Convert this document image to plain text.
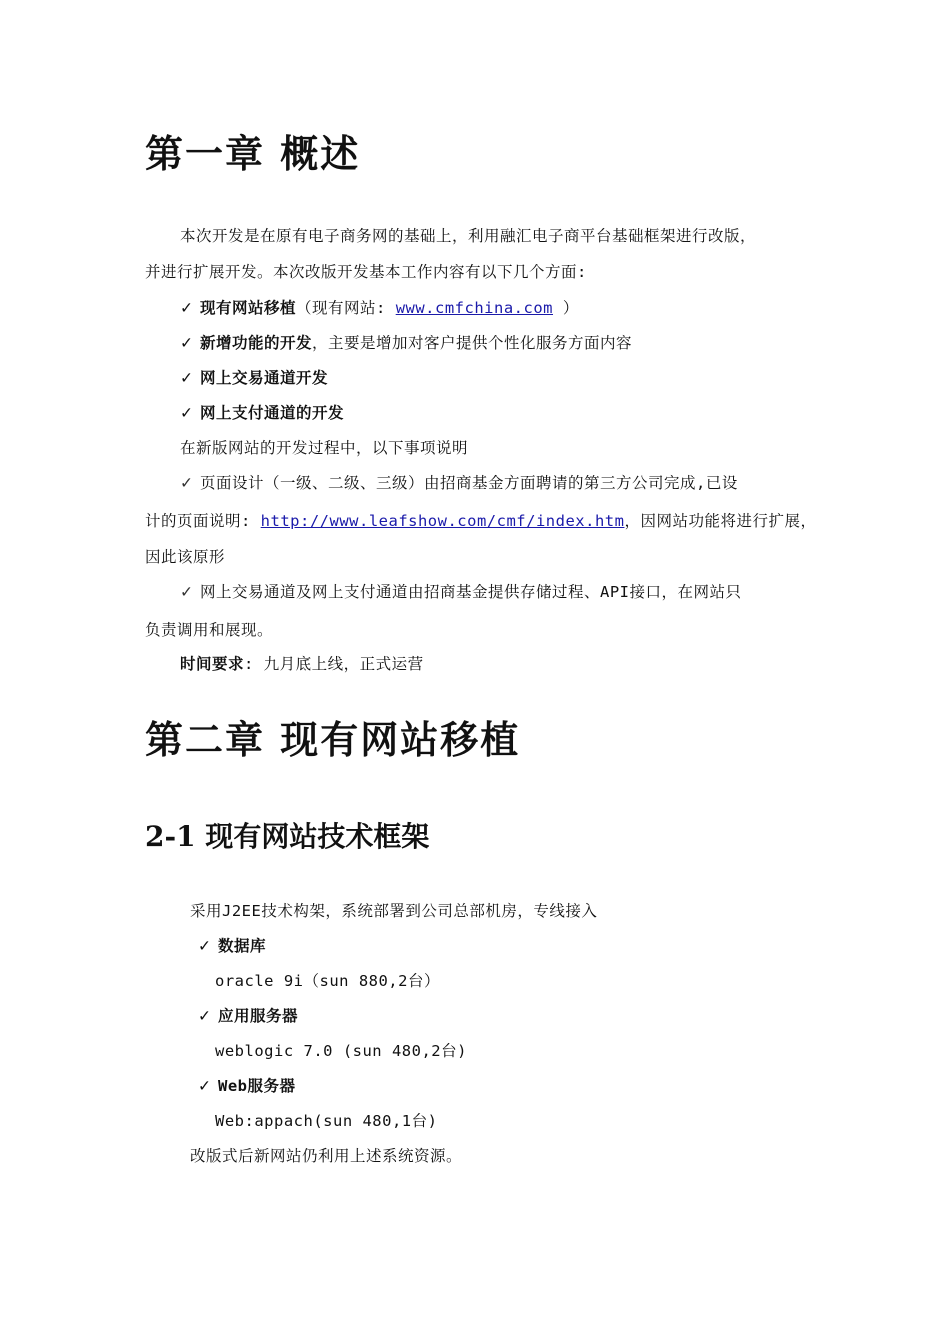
第一章 概述
本次开发是在原有电子商务网的基础上，利用融汇电子商平台基础框架进行改版，
并进行扩展开发。本次改版开发基本工作内容有以下几个方面:
✓ 现有网站移植（现有网站: www.cmfchina.com ）
✓ 新增功能的开发，主要是增加对客户提供个性化服务方面内容
✓ 网上交易通道开发
✓ 网上支付通道的开发
在新版网站的开发过程中，以下事项说明
✓ 页面设计（一级、二级、三级）由招商基金方面聘请的第三方公司完成,已设
计的页面说明: http://www.leafshow.com/cmf/index.htm，因网站功能将进行扩展，
因此该原形
✓ 网上交易通道及网上支付通道由招商基金提供存储过程、API接口，在网站只
负责调用和展现。
时间要求: 九月底上线，正式运营
第二章 现有网站移植
2-1 现有网站技术框架
采用J2EE技术构架，系统部署到公司总部机房，专线接入
✓ 数据库
oracle 9i（sun 880,2台）
✓ 应用服务器
weblogic 7.0 (sun 480,2台)
✓ Web服务器
Web:appach(sun 480,1台)
改版式后新网站仍利用上述系统资源。
